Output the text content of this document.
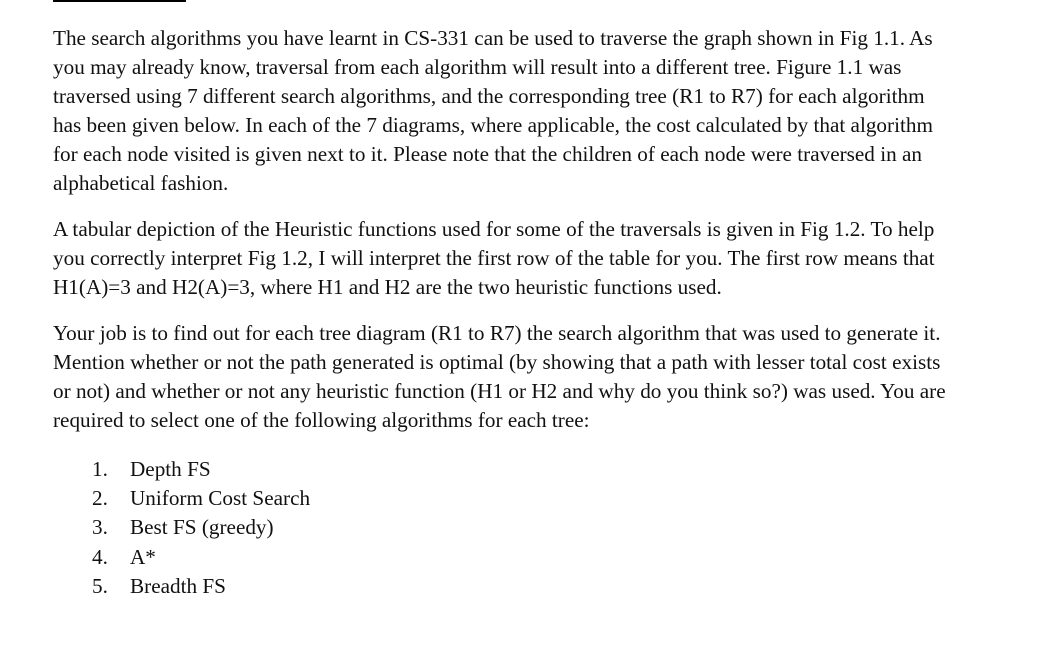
The search algorithms you have learnt in CS-331 can be used to traverse the graph shown in Fig 1.1. As
you may already know, traversal from each algorithm will result into a different tree. Figure 1.1 was
traversed using 7 different search algorithms, and the corresponding tree (R1 to R7) for each algorithm
has been given below. In each of the 7 diagrams, where applicable, the cost calculated by that algorithm
for each node visited is given next to it. Please note that the children of each node were traversed in an
alphabetical fashion.

A tabular depiction of the Heuristic functions used for some of the traversals is given in Fig 1.2. To help
you correctly interpret Fig 1.2, I will interpret the first row of the table for you. The first row means that
H1(A)=3 and H2(A)=3, where H1 and H2 are the two heuristic functions used.

Your job is to find out for each tree diagram (R1 to R7) the search algorithm that was used to generate it.
Mention whether or not the path generated is optimal (by showing that a path with lesser total cost exists
or not) and whether or not any heuristic function (H1 or H2 and why do you think so?) was used. You are
required to select one of the following algorithms for each tree:

1.	Depth FS
2.	Uniform Cost Search
3.	Best FS (greedy)
4.	A*
5.	Breadth FS
